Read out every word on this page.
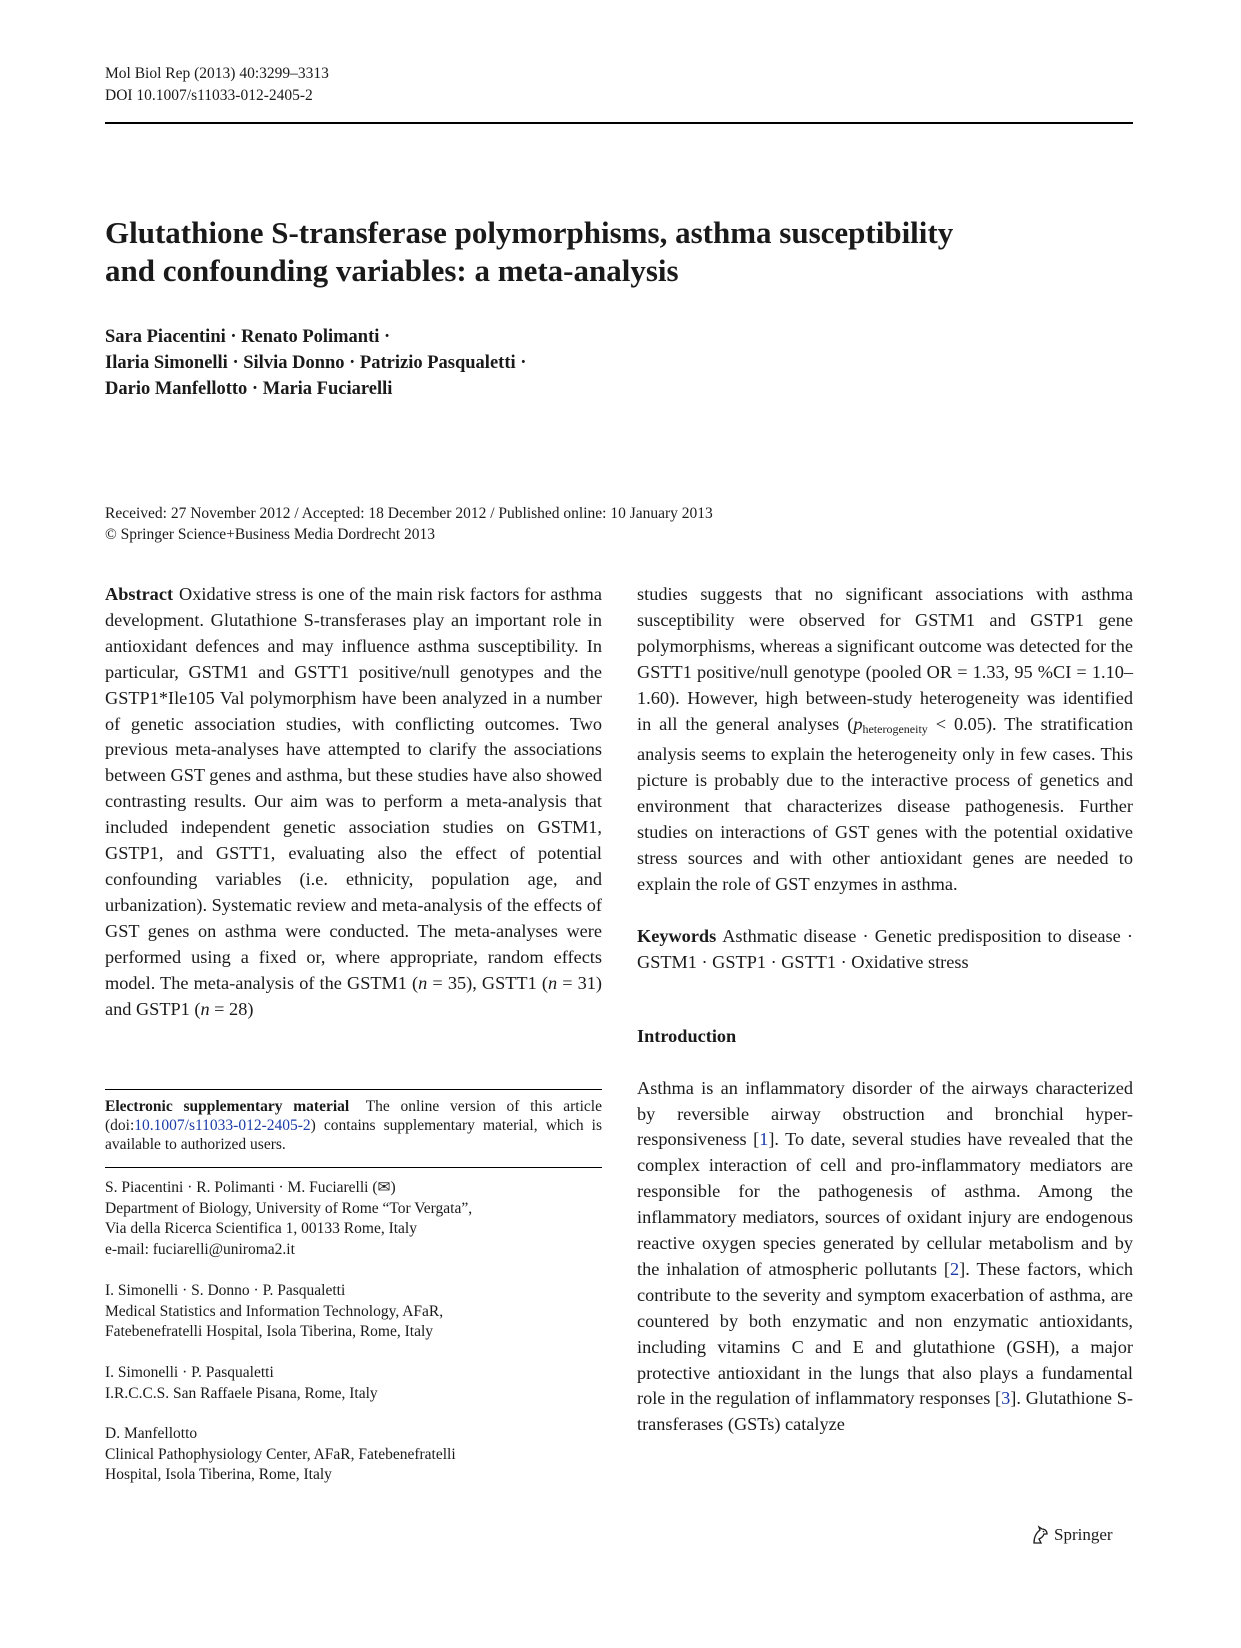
Mol Biol Rep (2013) 40:3299–3313
DOI 10.1007/s11033-012-2405-2
Glutathione S-transferase polymorphisms, asthma susceptibility
and confounding variables: a meta-analysis
Sara Piacentini · Renato Polimanti ·
Ilaria Simonelli · Silvia Donno · Patrizio Pasqualetti ·
Dario Manfellotto · Maria Fuciarelli
Received: 27 November 2012 / Accepted: 18 December 2012 / Published online: 10 January 2013
© Springer Science+Business Media Dordrecht 2013

Abstract Oxidative stress is one of the main risk factors for asthma development. Glutathione S-transferases play an important role in antioxidant defences and may influence asthma susceptibility. In particular, GSTM1 and GSTT1 positive/null genotypes and the GSTP1*Ile105 Val polymorphism have been analyzed in a number of genetic association studies, with conflicting outcomes. Two previous meta-analyses have attempted to clarify the associations between GST genes and asthma, but these studies have also showed contrasting results. Our aim was to perform a meta-analysis that included independent genetic association studies on GSTM1, GSTP1, and GSTT1, evaluating also the effect of potential confounding variables (i.e. ethnicity, population age, and urbanization). Systematic review and meta-analysis of the effects of GST genes on asthma were conducted. The meta-analyses were performed using a fixed or, where appropriate, random effects model. The meta-analysis of the GSTM1 (n = 35), GSTT1 (n = 31) and GSTP1 (n = 28)

Electronic supplementary material The online version of this article (doi:10.1007/s11033-012-2405-2) contains supplementary material, which is available to authorized users.
S. Piacentini · R. Polimanti · M. Fuciarelli (✉)
Department of Biology, University of Rome “Tor Vergata”,
Via della Ricerca Scientifica 1, 00133 Rome, Italy
e-mail: fuciarelli@uniroma2.it
I. Simonelli · S. Donno · P. Pasqualetti
Medical Statistics and Information Technology, AFaR,
Fatebenefratelli Hospital, Isola Tiberina, Rome, Italy
I. Simonelli · P. Pasqualetti
I.R.C.C.S. San Raffaele Pisana, Rome, Italy
D. Manfellotto
Clinical Pathophysiology Center, AFaR, Fatebenefratelli
Hospital, Isola Tiberina, Rome, Italy

studies suggests that no significant associations with asthma susceptibility were observed for GSTM1 and GSTP1 gene polymorphisms, whereas a significant outcome was detected for the GSTT1 positive/null genotype (pooled OR = 1.33, 95 %CI = 1.10–1.60). However, high between-study heterogeneity was identified in all the general analyses $(p_{heterogeneity} < 0.05)$. The stratification analysis seems to explain the heterogeneity only in few cases. This picture is probably due to the interactive process of genetics and environment that characterizes disease pathogenesis. Further studies on interactions of GST genes with the potential oxidative stress sources and with other antioxidant genes are needed to explain the role of GST enzymes in asthma.

Keywords Asthmatic disease · Genetic predisposition to disease · GSTM1 · GSTP1 · GSTT1 · Oxidative stress

Introduction

Asthma is an inflammatory disorder of the airways characterized by reversible airway obstruction and bronchial hyper-responsiveness [1]. To date, several studies have revealed that the complex interaction of cell and pro-inflammatory mediators are responsible for the pathogenesis of asthma. Among the inflammatory mediators, sources of oxidant injury are endogenous reactive oxygen species generated by cellular metabolism and by the inhalation of atmospheric pollutants [2]. These factors, which contribute to the severity and symptom exacerbation of asthma, are countered by both enzymatic and non enzymatic antioxidants, including vitamins C and E and glutathione (GSH), a major protective antioxidant in the lungs that also plays a fundamental role in the regulation of inflammatory responses [3]. Glutathione S-transferases (GSTs) catalyze

Springer
